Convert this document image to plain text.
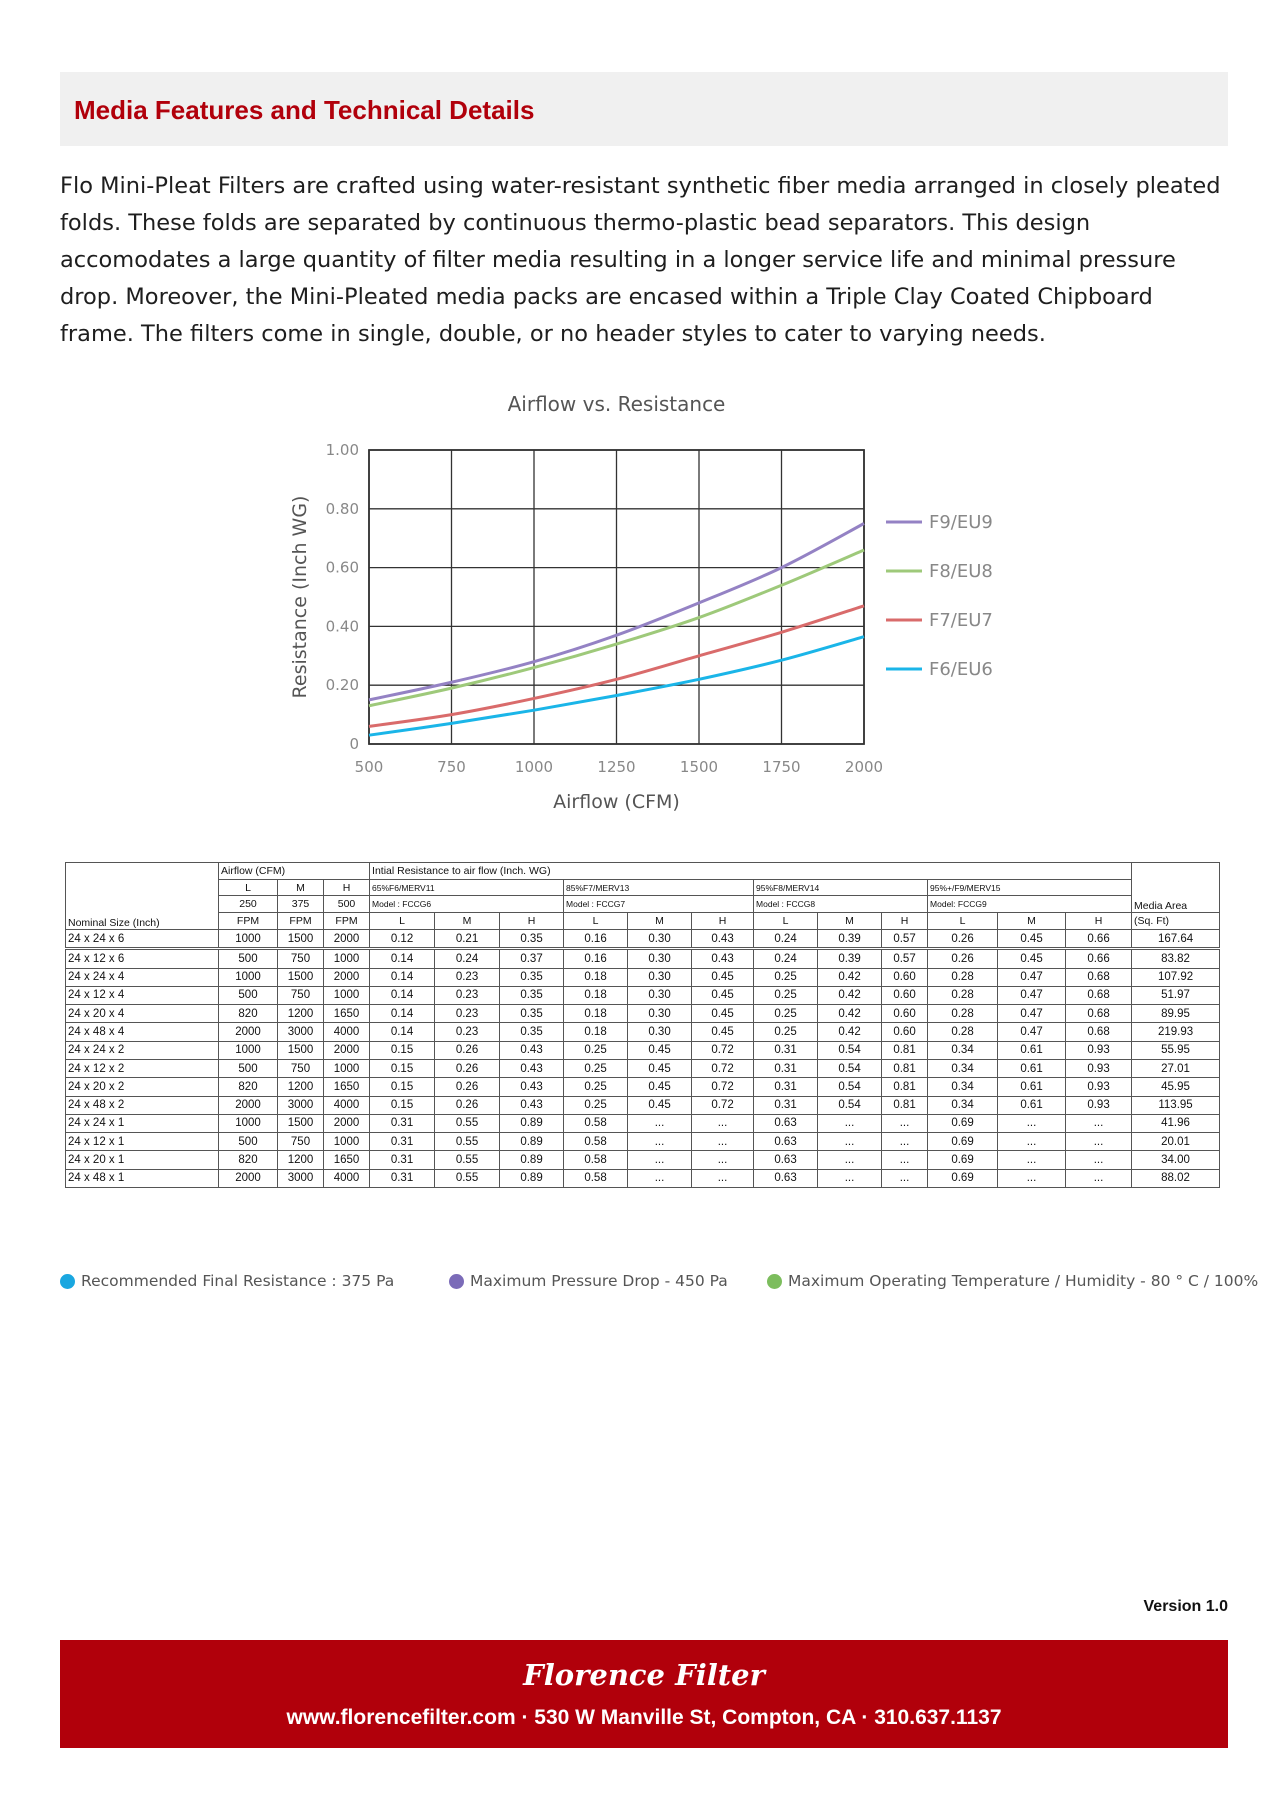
Media Features and Technical Details

Flo Mini-Pleat Filters are crafted using water-resistant synthetic fiber media arranged in closely pleated folds. These folds are separated by continuous thermo-plastic bead separators. This design accomodates a large quantity of filter media resulting in a longer service life and minimal pressure drop. Moreover, the Mini-Pleated media packs are encased within a Triple Clay Coated Chipboard frame. The filters come in single, double, or no header styles to cater to varying needs.

Airflow vs. Resistance
500	750	1000	1250	1500	1750	2000
0
0.20
0.40
0.60
0.80
1.00
Airflow (CFM)
Resistance (Inch WG)	F9/EU9
F8/EU8
F7/EU7
F6/EU6
Nominal Size (Inch)	Airflow (CFM)			Intial Resistance to air flow (Inch. WG)												Media Area
	L	M	H	65%F6/MERV11			85%F7/MERV13			95%F8/MERV14			95%+/F9/MERV15			
	250	375	500	Model : FCCG6			Model : FCCG7			Model : FCCG8			Model: FCCG9			
	FPM	FPM	FPM	L	M	H	L	M	H	L	M	H	L	M	H	(Sq. Ft)
24 x 24 x 6	1000	1500	2000	0.12	0.21	0.35	0.16	0.30	0.43	0.24	0.39	0.57	0.26	0.45	0.66	167.64
24 x 12 x 6	500	750	1000	0.14	0.24	0.37	0.16	0.30	0.43	0.24	0.39	0.57	0.26	0.45	0.66	83.82
24 x 24 x 4	1000	1500	2000	0.14	0.23	0.35	0.18	0.30	0.45	0.25	0.42	0.60	0.28	0.47	0.68	107.92
24 x 12 x 4	500	750	1000	0.14	0.23	0.35	0.18	0.30	0.45	0.25	0.42	0.60	0.28	0.47	0.68	51.97
24 x 20 x 4	820	1200	1650	0.14	0.23	0.35	0.18	0.30	0.45	0.25	0.42	0.60	0.28	0.47	0.68	89.95
24 x 48 x 4	2000	3000	4000	0.14	0.23	0.35	0.18	0.30	0.45	0.25	0.42	0.60	0.28	0.47	0.68	219.93
24 x 24 x 2	1000	1500	2000	0.15	0.26	0.43	0.25	0.45	0.72	0.31	0.54	0.81	0.34	0.61	0.93	55.95
24 x 12 x 2	500	750	1000	0.15	0.26	0.43	0.25	0.45	0.72	0.31	0.54	0.81	0.34	0.61	0.93	27.01
24 x 20 x 2	820	1200	1650	0.15	0.26	0.43	0.25	0.45	0.72	0.31	0.54	0.81	0.34	0.61	0.93	45.95
24 x 48 x 2	2000	3000	4000	0.15	0.26	0.43	0.25	0.45	0.72	0.31	0.54	0.81	0.34	0.61	0.93	113.95
24 x 24 x 1	1000	1500	2000	0.31	0.55	0.89	0.58	...	...	0.63	...	...	0.69	...	...	41.96
24 x 12 x 1	500	750	1000	0.31	0.55	0.89	0.58	...	...	0.63	...	...	0.69	...	...	20.01
24 x 20 x 1	820	1200	1650	0.31	0.55	0.89	0.58	...	...	0.63	...	...	0.69	...	...	34.00
24 x 48 x 1	2000	3000	4000	0.31	0.55	0.89	0.58	...	...	0.63	...	...	0.69	...	...	88.02
Recommended Final Resistance : 375 Pa	Maximum Pressure Drop - 450 Pa	Maximum Operating Temperature / Humidity - 80 ° C / 100%
Version 1.0
Florence Filter
www.florencefilter.com · 530 W Manville St, Compton, CA · 310.637.1137
